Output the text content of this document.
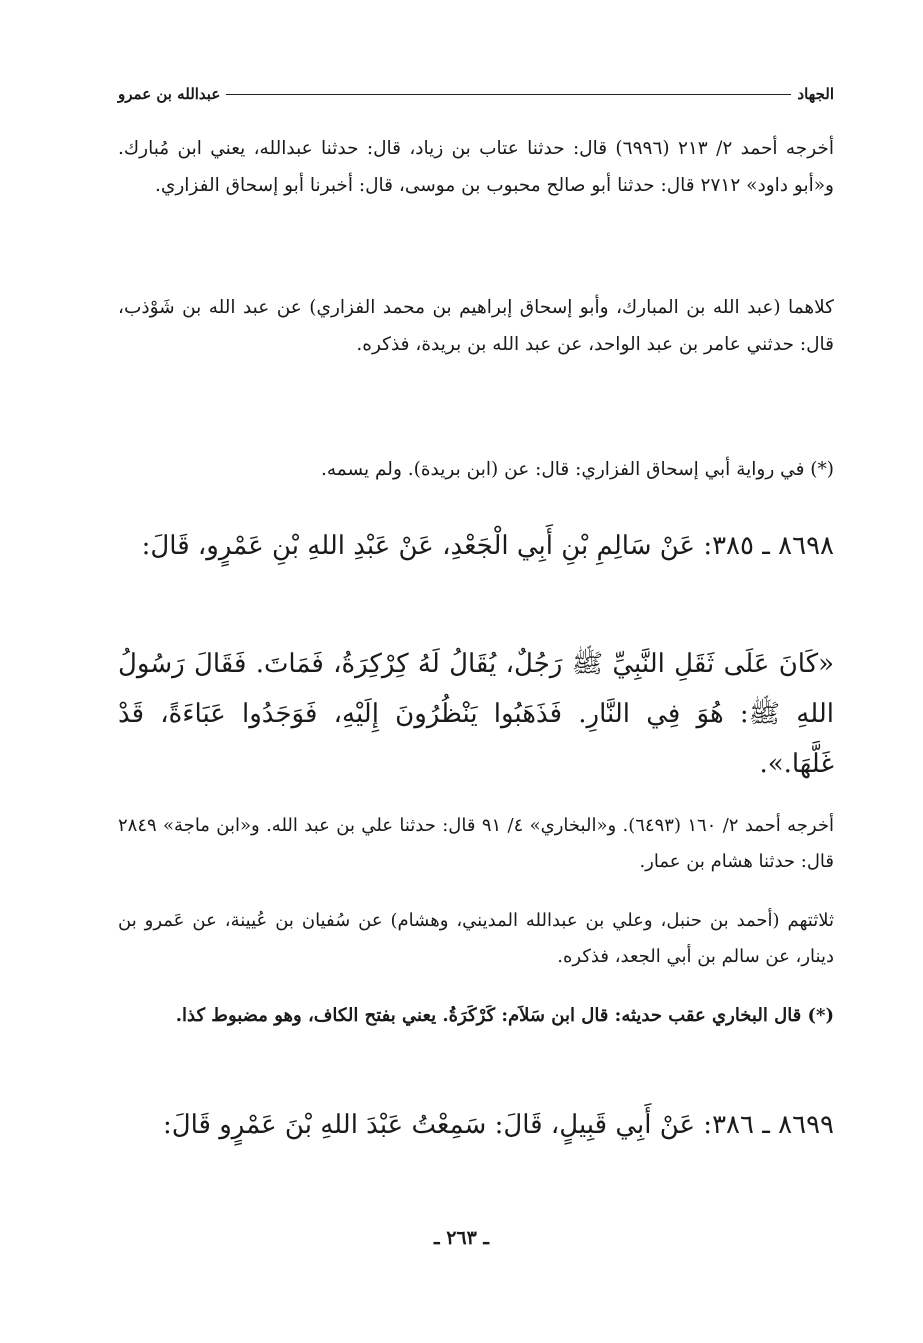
الجهاد
عبدالله بن عمرو

أخرجه أحمد ٢/ ٢١٣ (٦٩٩٦) قال: حدثنا عتاب بن زياد، قال: حدثنا عبدالله، يعني ابن مُبارك. و«أبو داود» ٢٧١٢ قال: حدثنا أبو صالح محبوب بن موسى، قال: أخبرنا أبو إسحاق الفزاري.

كلاهما (عبد الله بن المبارك، وأبو إسحاق إبراهيم بن محمد الفزاري) عن عبد الله بن شَوْذب، قال: حدثني عامر بن عبد الواحد، عن عبد الله بن بريدة، فذكره.

(*) في رواية أبي إسحاق الفزاري: قال: عن (ابن بريدة). ولم يسمه.

٨٦٩٨ ـ ٣٨٥: عَنْ سَالِمِ بْنِ أَبِي الْجَعْدِ، عَنْ عَبْدِ اللهِ بْنِ عَمْرٍو، قَالَ:

«كَانَ عَلَى ثَقَلِ النَّبِيِّ ﷺ رَجُلٌ، يُقَالُ لَهُ كِرْكِرَةُ، فَمَاتَ. فَقَالَ رَسُولُ اللهِ ﷺ: هُوَ فِي النَّارِ. فَذَهَبُوا يَنْظُرُونَ إِلَيْهِ، فَوَجَدُوا عَبَاءَةً، قَدْ غَلَّهَا.».

أخرجه أحمد ٢/ ١٦٠ (٦٤٩٣). و«البخاري» ٤/ ٩١ قال: حدثنا علي بن عبد الله. و«ابن ماجة» ٢٨٤٩ قال: حدثنا هشام بن عمار.

ثلاثتهم (أحمد بن حنبل، وعلي بن عبدالله المديني، وهشام) عن سُفيان بن عُيينة، عن عَمرو بن دينار، عن سالم بن أبي الجعد، فذكره.

(*) قال البخاري عقب حديثه: قال ابن سَلاَم: كَرْكَرَةُ. يعني بفتح الكاف، وهو مضبوط كذا.

٨٦٩٩ ـ ٣٨٦: عَنْ أَبِي قَبِيلٍ، قَالَ: سَمِعْتُ عَبْدَ اللهِ بْنَ عَمْرٍو قَالَ:

ـ ٢٦٣ ـ
